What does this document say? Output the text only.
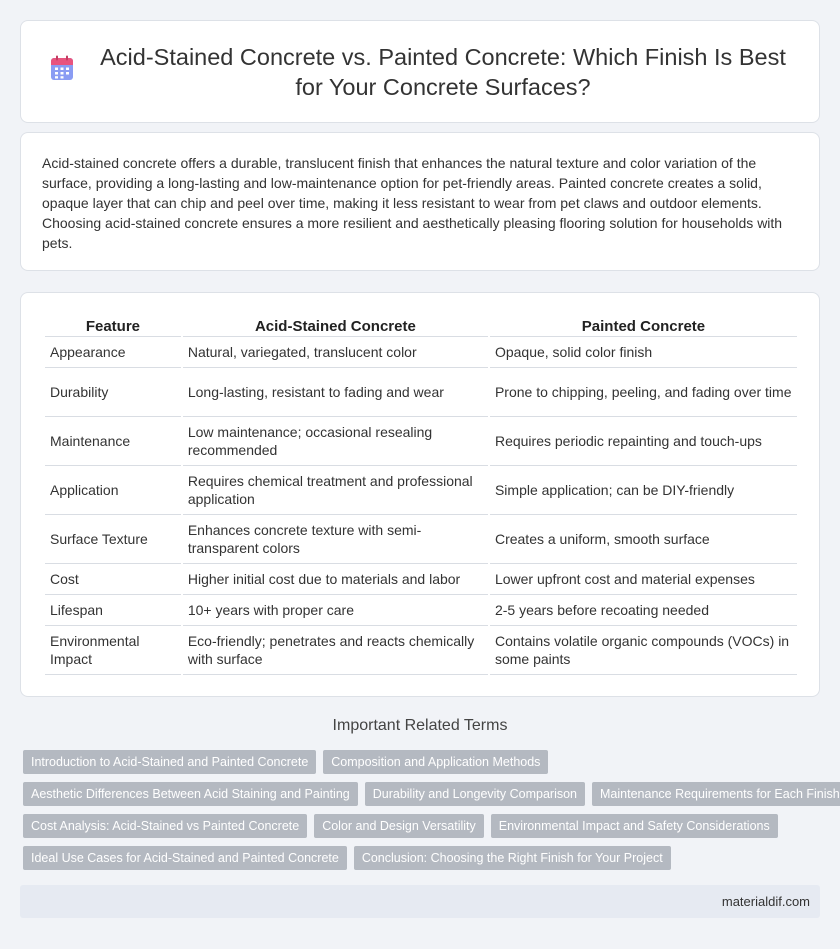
Acid-Stained Concrete vs. Painted Concrete: Which Finish Is Best for Your Concrete Surfaces?

Acid-stained concrete offers a durable, translucent finish that enhances the natural texture and color variation of the surface, providing a long-lasting and low-maintenance option for pet-friendly areas. Painted concrete creates a solid, opaque layer that can chip and peel over time, making it less resistant to wear from pet claws and outdoor elements. Choosing acid-stained concrete ensures a more resilient and aesthetically pleasing flooring solution for households with pets.

Feature	Acid-Stained Concrete	Painted Concrete
Appearance	Natural, variegated, translucent color	Opaque, solid color finish
Durability	Long-lasting, resistant to fading and wear	Prone to chipping, peeling, and fading over time
Maintenance	Low maintenance; occasional resealing recommended	Requires periodic repainting and touch-ups
Application	Requires chemical treatment and professional application	Simple application; can be DIY-friendly
Surface Texture	Enhances concrete texture with semi-transparent colors	Creates a uniform, smooth surface
Cost	Higher initial cost due to materials and labor	Lower upfront cost and material expenses
Lifespan	10+ years with proper care	2-5 years before recoating needed
Environmental Impact	Eco-friendly; penetrates and reacts chemically with surface	Contains volatile organic compounds (VOCs) in some paints
Important Related Terms
Introduction to Acid-Stained and Painted Concrete	Composition and Application Methods
Aesthetic Differences Between Acid Staining and Painting	Durability and Longevity Comparison	Maintenance Requirements for Each Finish
Cost Analysis: Acid-Stained vs Painted Concrete	Color and Design Versatility	Environmental Impact and Safety Considerations
Ideal Use Cases for Acid-Stained and Painted Concrete	Conclusion: Choosing the Right Finish for Your Project
materialdif.com
